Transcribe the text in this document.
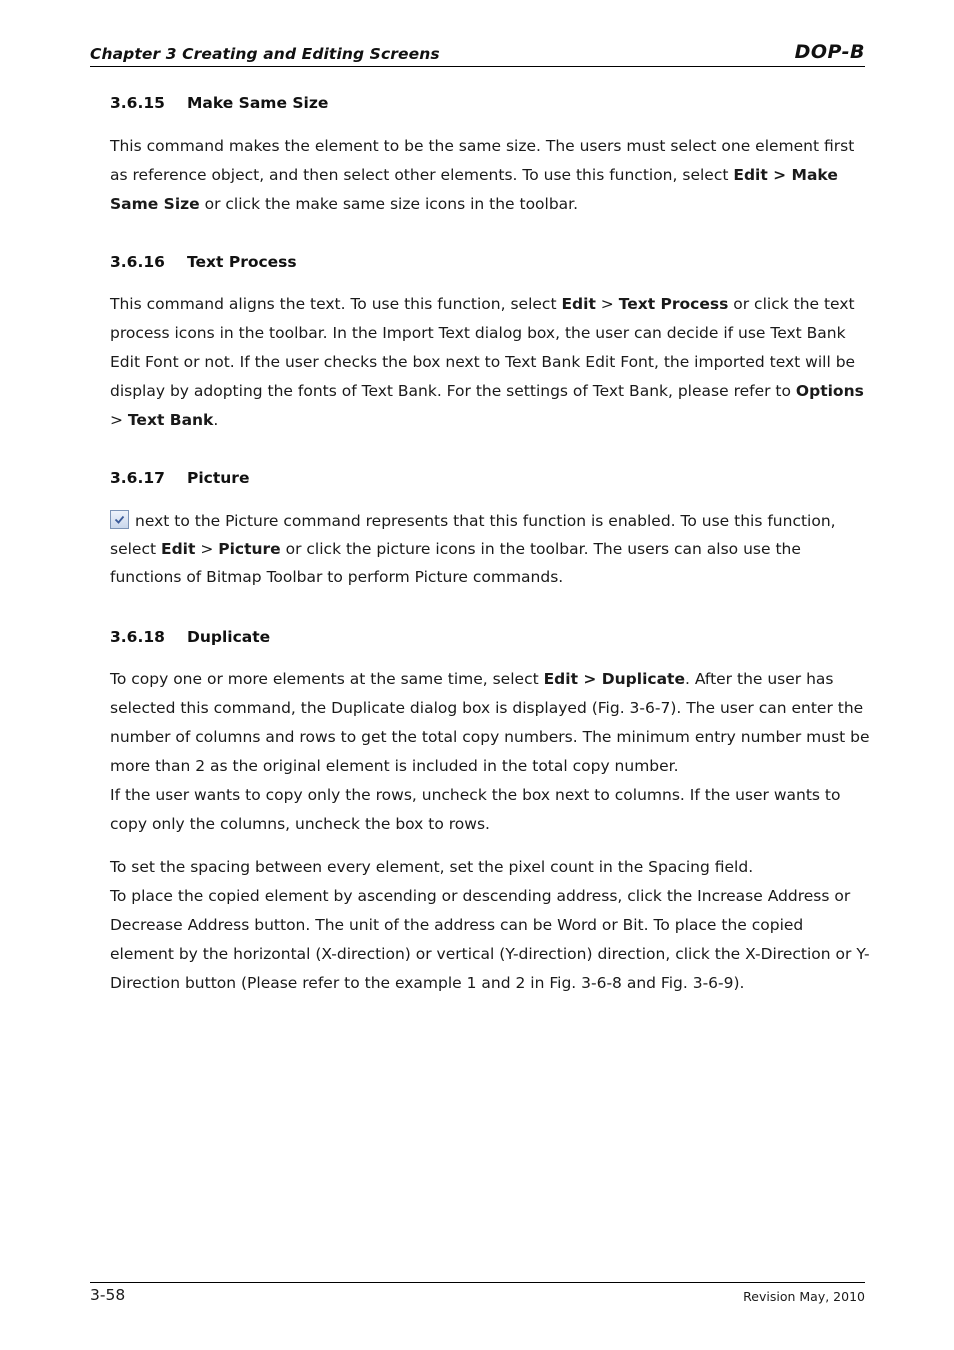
Chapter 3 Creating and Editing Screens	DOP-B
3.6.15 Make Same Size

This command makes the element to be the same size. The users must select one element first as reference object, and then select other elements. To use this function, select Edit > Make Same Size or click the make same size icons in the toolbar.

3.6.16 Text Process

This command aligns the text. To use this function, select Edit > Text Process or click the text process icons in the toolbar. In the Import Text dialog box, the user can decide if use Text Bank Edit Font or not. If the user checks the box next to Text Bank Edit Font, the imported text will be display by adopting the fonts of Text Bank. For the settings of Text Bank, please refer to Options > Text Bank.

3.6.17 Picture

next to the Picture command represents that this function is enabled. To use this function, select Edit > Picture or click the picture icons in the toolbar. The users can also use the functions of Bitmap Toolbar to perform Picture commands.

3.6.18 Duplicate

To copy one or more elements at the same time, select Edit > Duplicate. After the user has selected this command, the Duplicate dialog box is displayed (Fig. 3-6-7). The user can enter the number of columns and rows to get the total copy numbers. The minimum entry number must be more than 2 as the original element is included in the total copy number.

If the user wants to copy only the rows, uncheck the box next to columns. If the user wants to copy only the columns, uncheck the box to rows.

To set the spacing between every element, set the pixel count in the Spacing field.

To place the copied element by ascending or descending address, click the Increase Address or Decrease Address button. The unit of the address can be Word or Bit. To place the copied element by the horizontal (X-direction) or vertical (Y-direction) direction, click the X-Direction or Y-Direction button (Please refer to the example 1 and 2 in Fig. 3-6-8 and Fig. 3-6-9).

3-58	Revision May, 2010
